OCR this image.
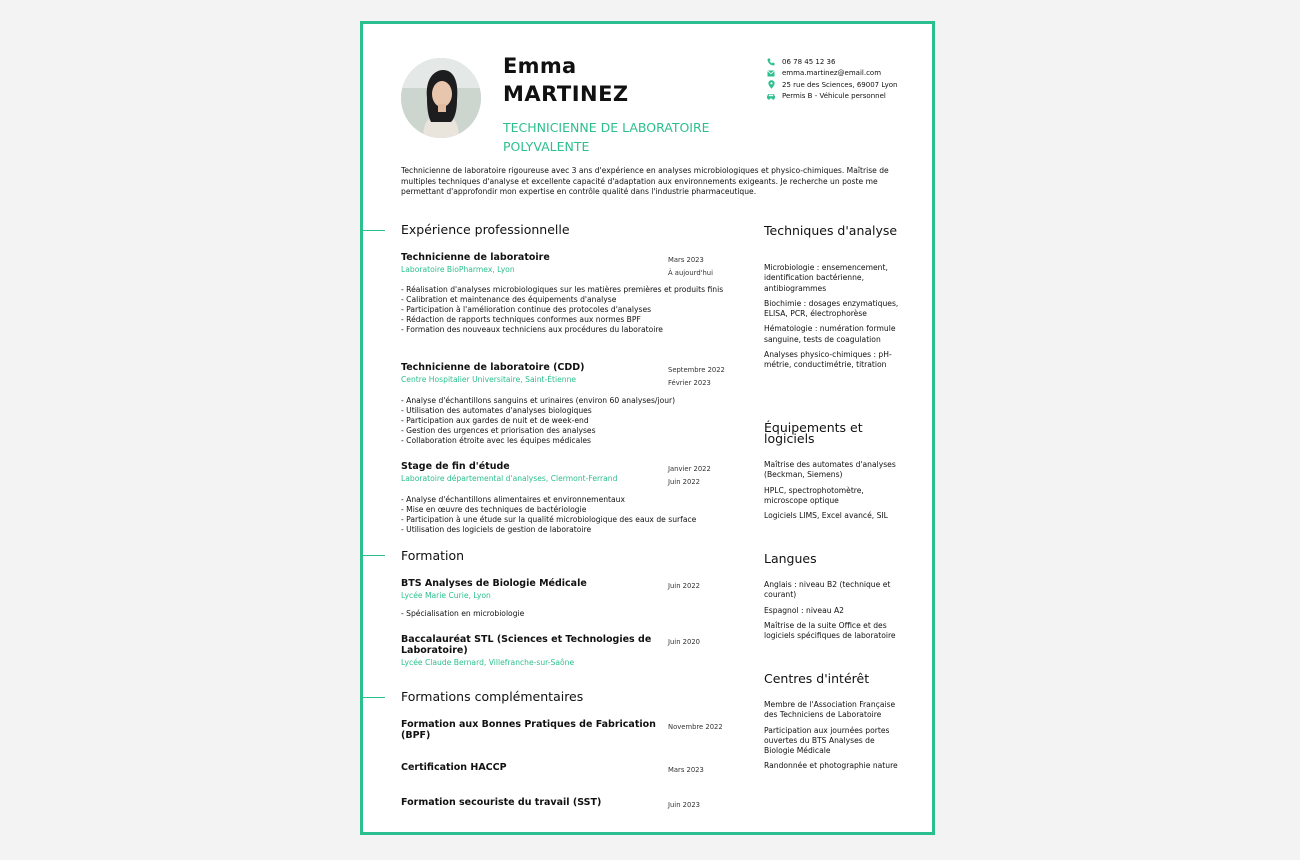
Emma
MARTINEZ
TECHNICIENNE DE LABORATOIRE POLYVALENTE
06 78 45 12 36
emma.martinez@email.com
25 rue des Sciences, 69007 Lyon
Permis B - Véhicule personnel
Technicienne de laboratoire rigoureuse avec 3 ans d'expérience en analyses microbiologiques et physico-chimiques. Maîtrise de multiples techniques d'analyse et excellente capacité d'adaptation aux environnements exigeants. Je recherche un poste me permettant d'approfondir mon expertise en contrôle qualité dans l'industrie pharmaceutique.
Expérience professionnelle
Technicienne de laboratoire
Laboratoire BioPharmex, Lyon
Mars 2023
À aujourd'hui
- Réalisation d'analyses microbiologiques sur les matières premières et produits finis
- Calibration et maintenance des équipements d'analyse
- Participation à l'amélioration continue des protocoles d'analyses
- Rédaction de rapports techniques conformes aux normes BPF
- Formation des nouveaux techniciens aux procédures du laboratoire
Technicienne de laboratoire (CDD)
Centre Hospitalier Universitaire, Saint-Étienne
Septembre 2022
Février 2023
- Analyse d'échantillons sanguins et urinaires (environ 60 analyses/jour)
- Utilisation des automates d'analyses biologiques
- Participation aux gardes de nuit et de week-end
- Gestion des urgences et priorisation des analyses
- Collaboration étroite avec les équipes médicales
Stage de fin d'étude
Laboratoire départemental d'analyses, Clermont-Ferrand
Janvier 2022
Juin 2022
- Analyse d'échantillons alimentaires et environnementaux
- Mise en œuvre des techniques de bactériologie
- Participation à une étude sur la qualité microbiologique des eaux de surface
- Utilisation des logiciels de gestion de laboratoire
Formation
BTS Analyses de Biologie Médicale
Lycée Marie Curie, Lyon
Juin 2022
- Spécialisation en microbiologie
Baccalauréat STL (Sciences et Technologies de Laboratoire)
Lycée Claude Bernard, Villefranche-sur-Saône
Juin 2020
Formations complémentaires
Formation aux Bonnes Pratiques de Fabrication (BPF)
Novembre 2022
Certification HACCP	Mars 2023
Formation secouriste du travail (SST)	Juin 2023
Techniques d'analyse
Microbiologie : ensemencement, identification bactérienne, antibiogrammes
Biochimie : dosages enzymatiques, ELISA, PCR, électrophorèse
Hématologie : numération formule sanguine, tests de coagulation
Analyses physico-chimiques : pH-métrie, conductimétrie, titration
Équipements et logiciels
Maîtrise des automates d'analyses (Beckman, Siemens)
HPLC, spectrophotomètre, microscope optique
Logiciels LIMS, Excel avancé, SIL
Langues
Anglais : niveau B2 (technique et courant)
Espagnol : niveau A2
Maîtrise de la suite Office et des logiciels spécifiques de laboratoire
Centres d'intérêt
Membre de l'Association Française des Techniciens de Laboratoire
Participation aux journées portes ouvertes du BTS Analyses de Biologie Médicale
Randonnée et photographie nature
